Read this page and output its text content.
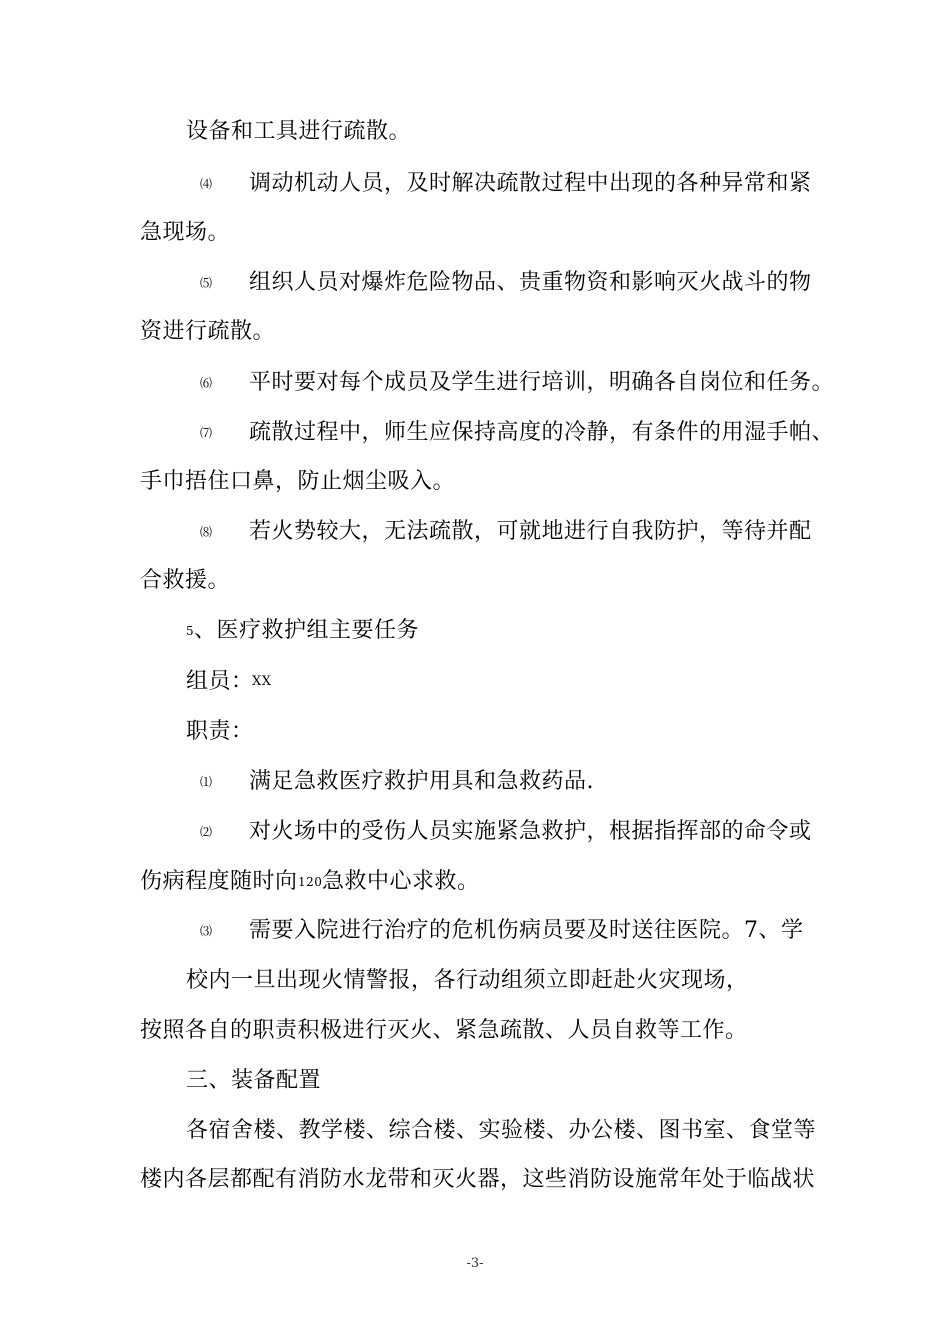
设备和工具进行疏散。
⑷ 调动机动人员，及时解决疏散过程中出现的各种异常和紧
急现场。
⑸ 组织人员对爆炸危险物品、贵重物资和影响灭火战斗的物
资进行疏散。
⑹ 平时要对每个成员及学生进行培训，明确各自岗位和任务。
⑺ 疏散过程中，师生应保持高度的冷静，有条件的用湿手帕、
手巾捂住口鼻，防止烟尘吸入。
⑻ 若火势较大，无法疏散，可就地进行自我防护，等待并配
合救援。
5 、医疗救护组主要任务
组员：
XX
职责：
⑴ 满足急救医疗救护用具和急救药品.
⑵ 对火场中的受伤人员实施紧急救护，根据指挥部的命令或
伤病程度随时向 120 急救中心求救。
⑶ 需要入院进行治疗的危机伤病员要及时送往医院。7、学
校内一旦出现火情警报，各行动组须立即赶赴火灾现场，
按照各自的职责积极进行灭火、紧急疏散、人员自救等工作。
三、装备配置
各宿舍楼、教学楼、综合楼、实验楼、办公楼、图书室、食堂等
楼内各层都配有消防水龙带和灭火器，这些消防设施常年处于临战状
-3-
